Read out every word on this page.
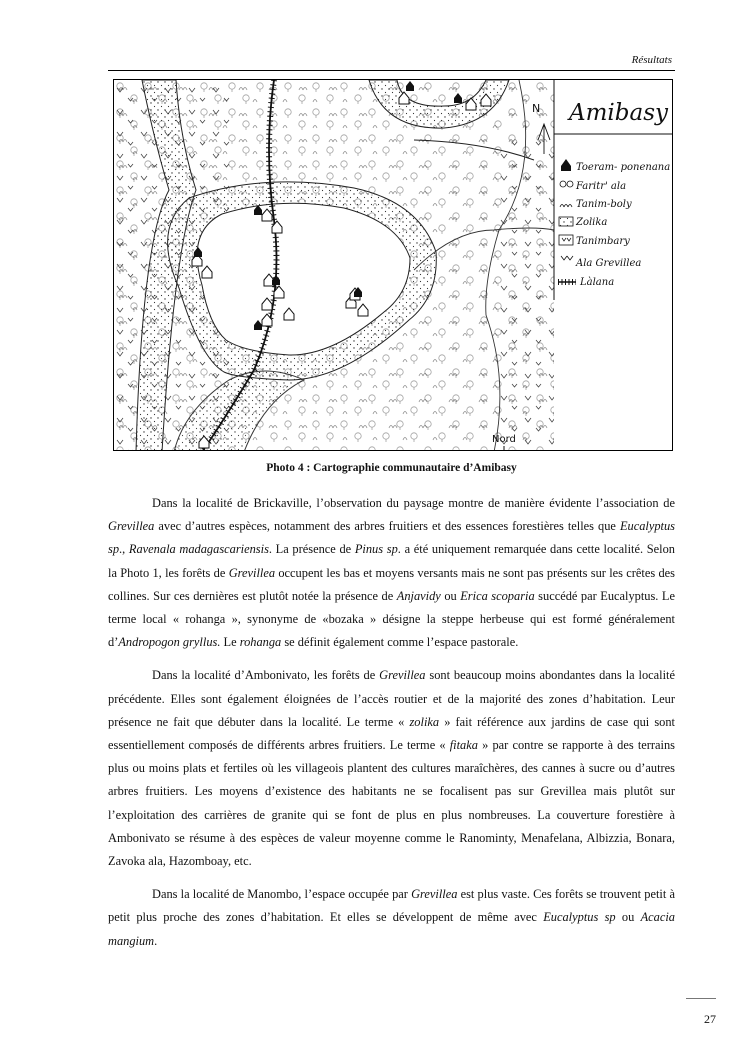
Résultats
N
Nord
Amibasy
Toeram- ponenana
Faritr' ala
Tanim-boly
Zolika
Tanimbary
Ala Grevillea
Làlana
Photo 4 : Cartographie communautaire d’Amibasy

Dans la localité de Brickaville, l’observation du paysage montre de manière évidente l’association de Grevillea avec d’autres espèces, notamment des arbres fruitiers et des essences forestières telles que Eucalyptus sp., Ravenala madagascariensis. La présence de Pinus sp. a été uniquement remarquée dans cette localité. Selon la Photo 1, les forêts de Grevillea occupent les bas et moyens versants mais ne sont pas présents sur les crêtes des collines. Sur ces dernières est plutôt notée la présence de Anjavidy ou Erica scoparia succédé par Eucalyptus. Le terme local « rohanga », synonyme de «bozaka » désigne la steppe herbeuse qui est formé généralement d’Andropogon gryllus. Le rohanga se définit également comme l’espace pastorale.

Dans la localité d’Ambonivato, les forêts de Grevillea sont beaucoup moins abondantes dans la localité précédente. Elles sont également éloignées de l’accès routier et de la majorité des zones d’habitation. Leur présence ne fait que débuter dans la localité. Le terme « zolika » fait référence aux jardins de case qui sont essentiellement composés de différents arbres fruitiers. Le terme « fitaka » par contre se rapporte à des terrains plus ou moins plats et fertiles où les villageois plantent des cultures maraîchères, des cannes à sucre ou d’autres arbres fruitiers. Les moyens d’existence des habitants ne se focalisent pas sur Grevillea mais plutôt sur l’exploitation des carrières de granite qui se font de plus en plus nombreuses. La couverture forestière à Ambonivato se résume à des espèces de valeur moyenne comme le Ranominty, Menafelana, Albizzia, Bonara, Zavoka ala, Hazomboay, etc.

Dans la localité de Manombo, l’espace occupée par Grevillea est plus vaste. Ces forêts se trouvent petit à petit plus proche des zones d’habitation. Et elles se développent de même avec Eucalyptus sp ou Acacia mangium.

27
